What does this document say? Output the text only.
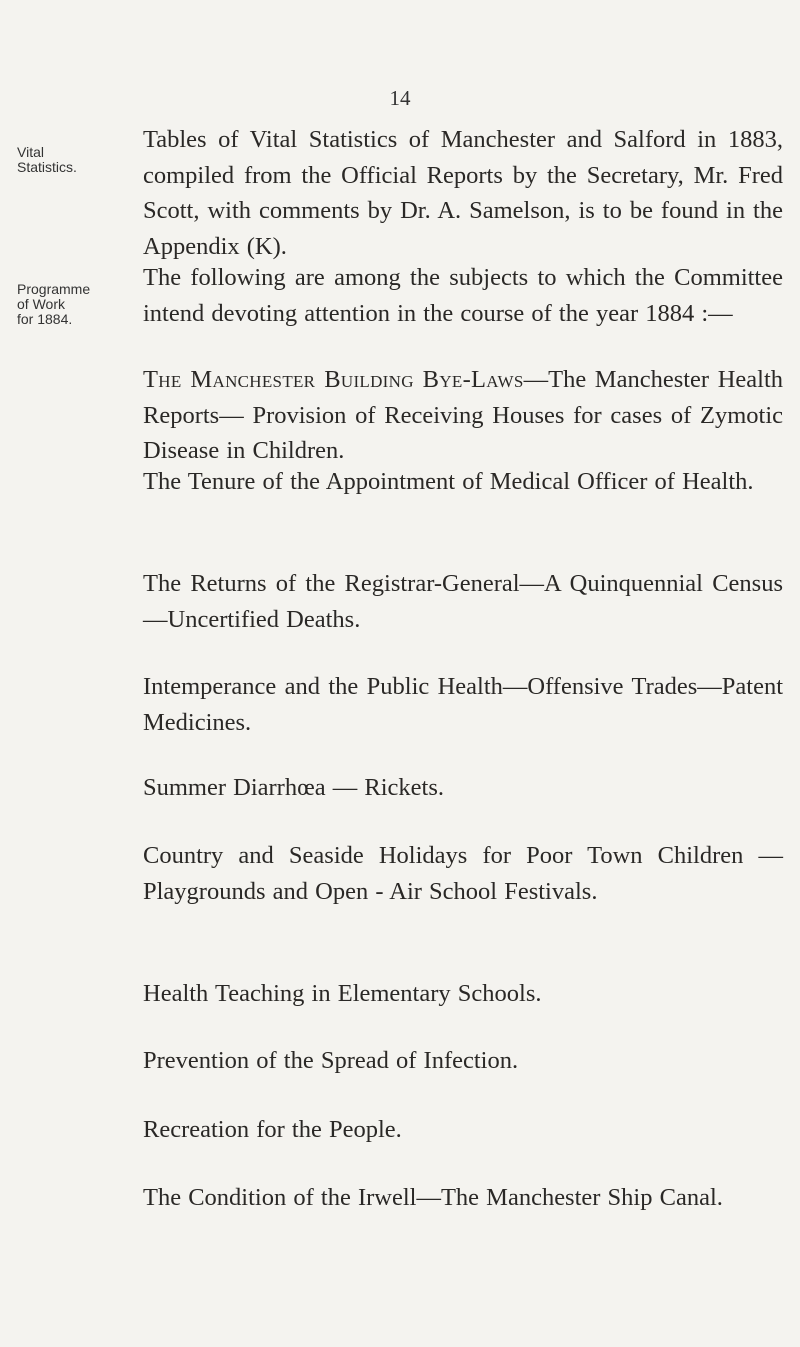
14
Vital
Statistics.
Programme
of Work
for 1884.

Tables of Vital Statistics of Manchester and Salford in 1883, compiled from the Official Reports by the Secretary, Mr. Fred Scott, with comments by Dr. A. Samelson, is to be found in the Appendix (K).

The following are among the subjects to which the Committee intend devoting attention in the course of the year 1884 :—

The Manchester Building Bye-Laws—The Manchester Health Reports— Provision of Receiving Houses for cases of Zymotic Disease in Children.

The Tenure of the Appointment of Medical Officer of Health.

The Returns of the Registrar-General—A Quinquennial Census—Uncertified Deaths.

Intemperance and the Public Health—Offensive Trades—Patent Medicines.

Summer Diarrhœa — Rickets.

Country and Seaside Holidays for Poor Town Children — Playgrounds and Open - Air School Festivals.

Health Teaching in Elementary Schools.

Prevention of the Spread of Infection.

Recreation for the People.

The Condition of the Irwell—The Manchester Ship Canal.
